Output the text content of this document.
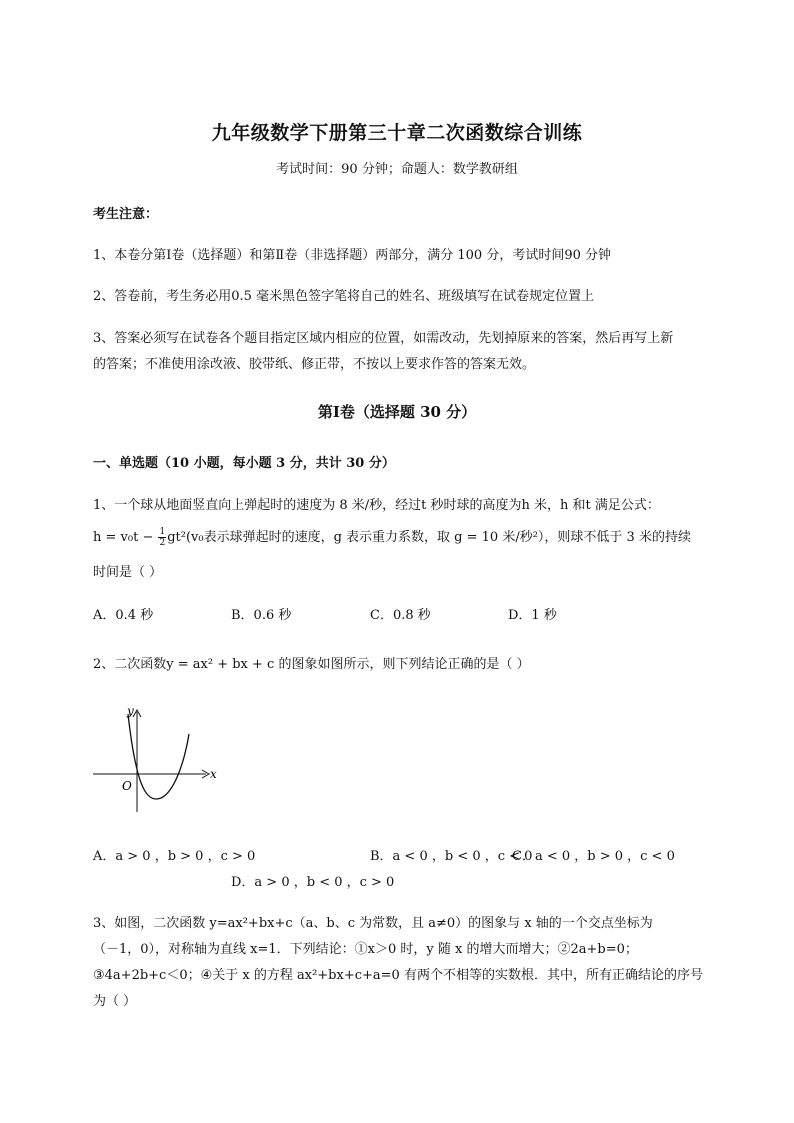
九年级数学下册第三十章二次函数综合训练
考试时间：90 分钟；命题人：数学教研组
考生注意：
1、本卷分第Ⅰ卷（选择题）和第Ⅱ卷（非选择题）两部分，满分 100 分，考试时间90 分钟
2、答卷前，考生务必用0.5 毫米黑色签字笔将自己的姓名、班级填写在试卷规定位置上
3、答案必须写在试卷各个题目指定区域内相应的位置，如需改动，先划掉原来的答案，然后再写上新
的答案；不准使用涂改液、胶带纸、修正带，不按以上要求作答的答案无效。
第Ⅰ卷（选择题 30 分）
一、单选题（10 小题，每小题 3 分，共计 30 分）
1、一个球从地面竖直向上弹起时的速度为 8 米/秒，经过t 秒时球的高度为h 米，h 和t 满足公式：
$h = v_0t - \frac{1}{2} gt^2(v_0$表示球弹起时的速度，g 表示重力系数，取 g = 10 米/秒²），则球不低于 3 米的持续
时间是（ ）
A．0.4 秒	B．0.6 秒	C．0.8 秒	D．1 秒
2、二次函数y = ax² + bx + c 的图象如图所示，则下列结论正确的是（ ）
x
y
O
A．a > 0 ，b > 0 ，c > 0	B．a < 0 ，b < 0 ，c < 0
C．a < 0 ，b > 0 ，c < 0
D．a > 0 ，b < 0 ，c > 0
3、如图，二次函数 y=ax²+bx+c（a、b、c 为常数，且 a≠0）的图象与 x 轴的一个交点坐标为
（－1，0），对称轴为直线 x=1．下列结论：①x＞0 时，y 随 x 的增大而增大；②2a+b=0；
③4a+2b+c＜0；④关于 x 的方程 ax²+bx+c+a=0 有两个不相等的实数根．其中，所有正确结论的序号
为（ ）
